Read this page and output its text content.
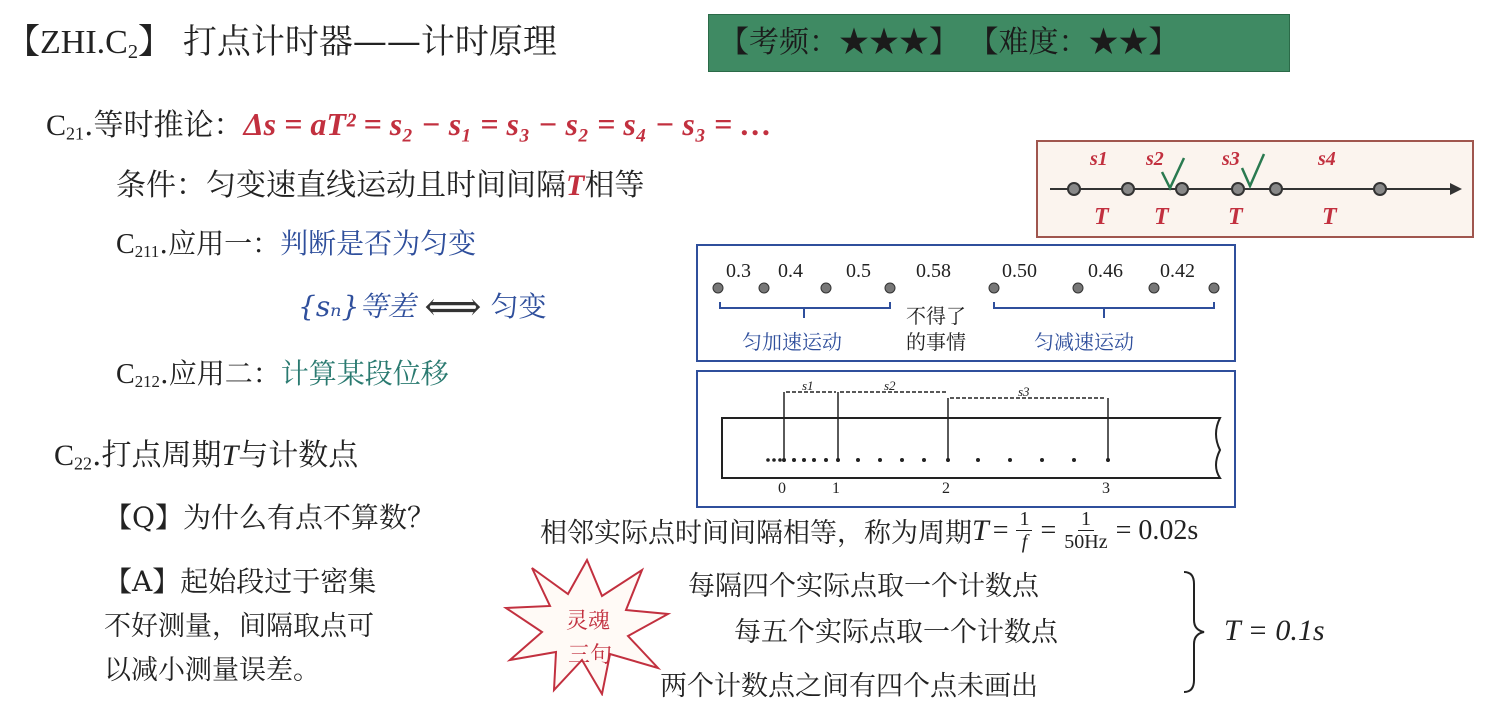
【$ZHI.C_2$】 打点计时器——计时原理	【考频：★★★】 【难度：★★】
$C_{21}$.等时推论：Δs = aT² = s₂ − s₁ = s₃ − s₂ = s₄ − s₃ = …
条件：匀变速直线运动且时间间隔T相等
s1 s2	s3	s4
T T T	T
$C_{211}$.应用一：判断是否为匀变
{sₙ}等差 ⟺ 匀变
0.3 0.4 0.5 0.58	0.50	0.46 0.42
匀加速运动
不得了
的事情	匀减速运动
$C_{212}$.应用二：计算某段位移	s1	s2	s3
0	1	2	3
$C_{22}$.打点周期T与计数点
【Q】为什么有点不算数？
【A】起始段过于密集
不好测量，间隔取点可
以减小测量误差。
相邻实际点时间间隔相等，称为周期 $T = \frac{1}{f} = \frac{1}{50Hz} = 0.02s$
灵魂
三句
每隔四个实际点取一个计数点
每五个实际点取一个计数点
两个计数点之间有四个点未画出
T = 0.1s
